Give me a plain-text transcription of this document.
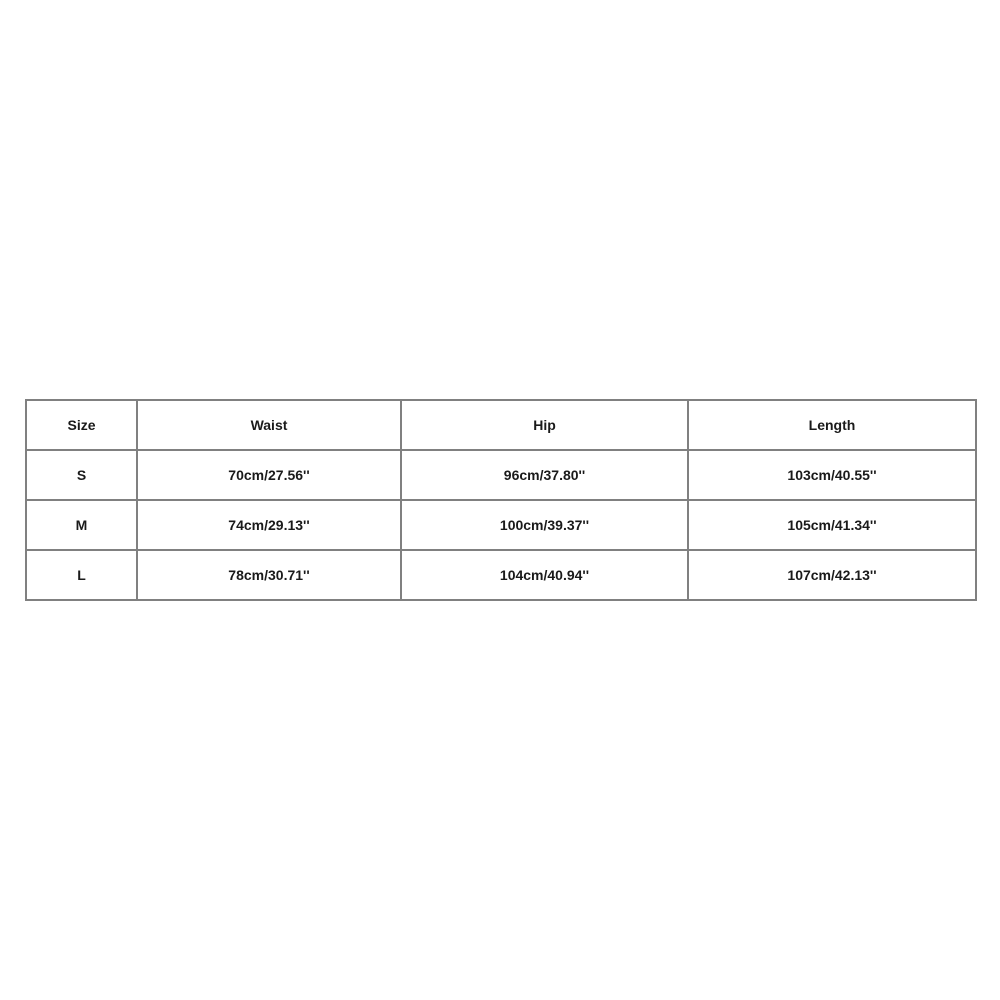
Size	Waist	Hip	Length
S	70cm/27.56''	96cm/37.80''	103cm/40.55''
M	74cm/29.13''	100cm/39.37''	105cm/41.34''
L	78cm/30.71''	104cm/40.94''	107cm/42.13''
